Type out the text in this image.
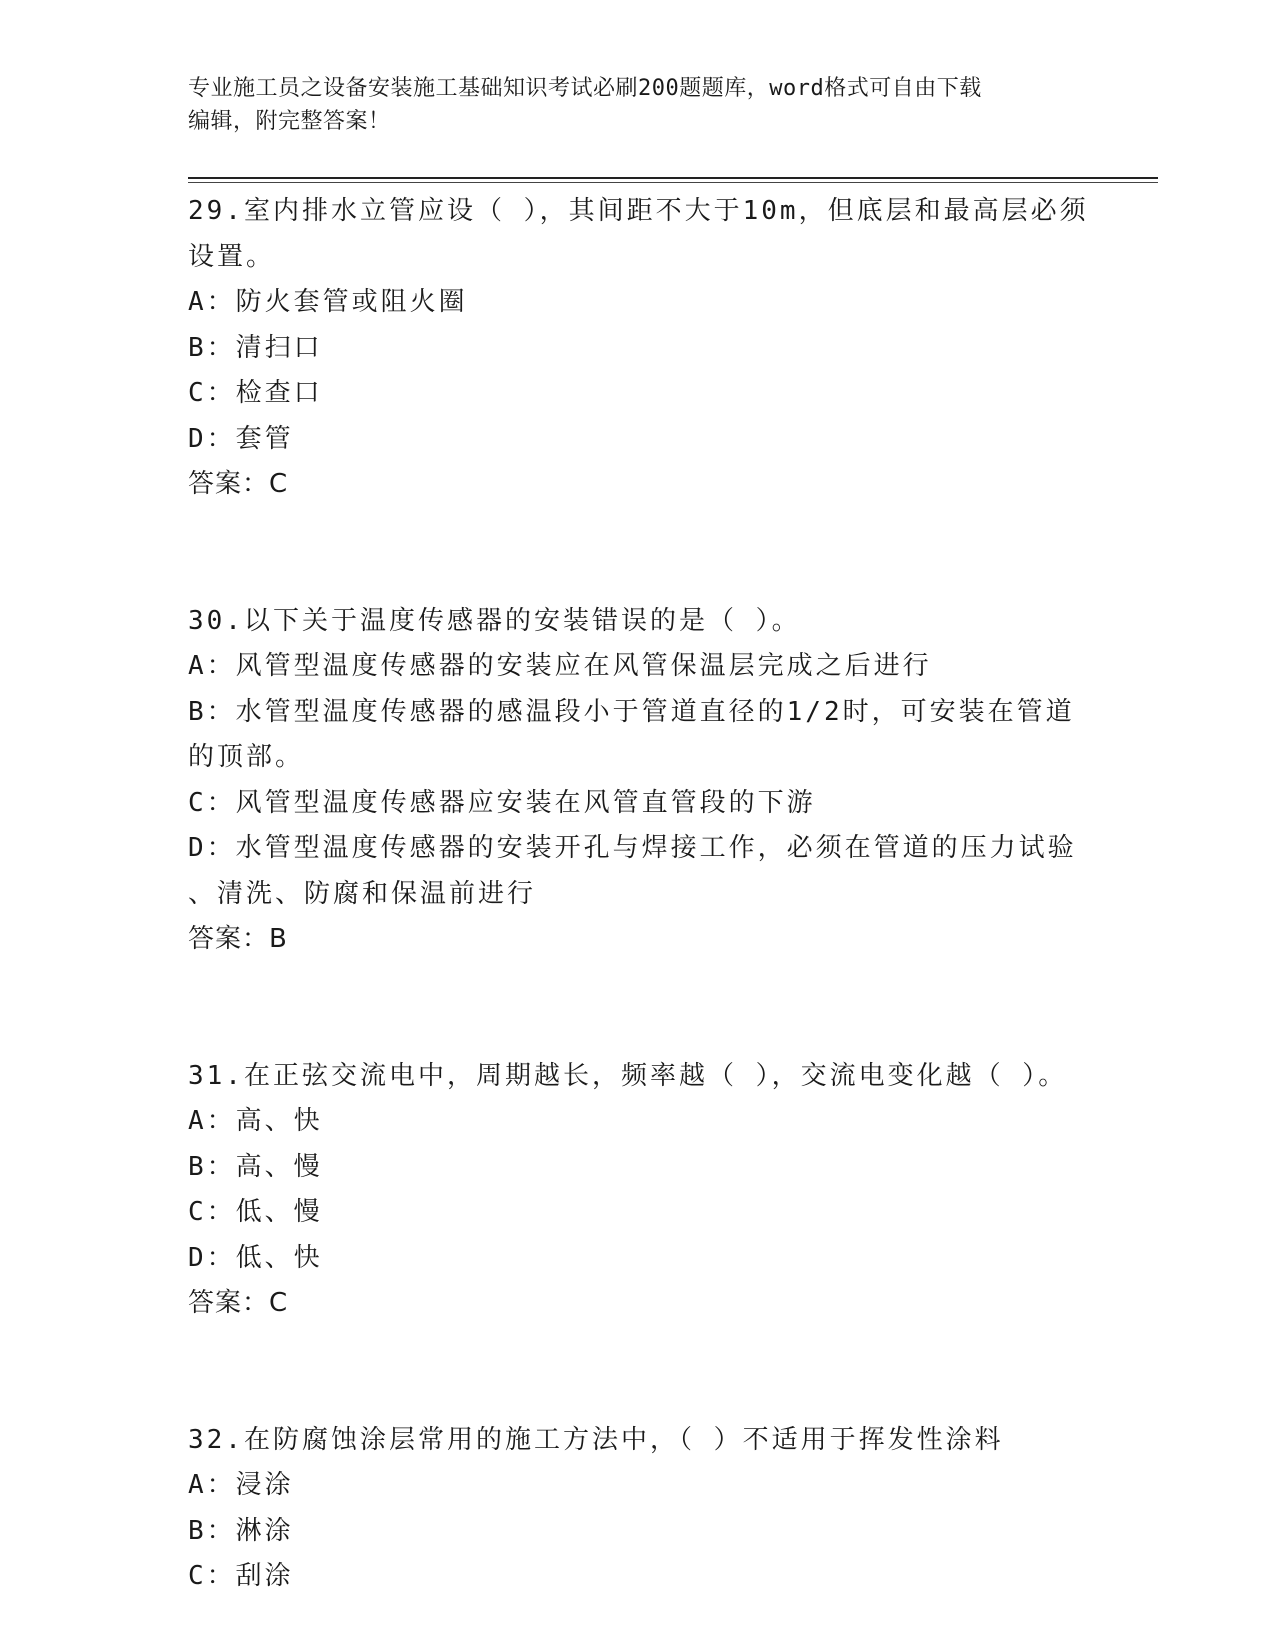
专业施工员之设备安装施工基础知识考试必刷200题题库，word格式可自由下载
编辑，附完整答案！
29.室内排水立管应设（ ），其间距不大于10m，但底层和最高层必须
设置。
A：防火套管或阻火圈
B：清扫口
C：检查口
D：套管
答案：C
30.以下关于温度传感器的安装错误的是（ ）。
A：风管型温度传感器的安装应在风管保温层完成之后进行
B：水管型温度传感器的感温段小于管道直径的1/2时，可安装在管道
的顶部。
C：风管型温度传感器应安装在风管直管段的下游
D：水管型温度传感器的安装开孔与焊接工作，必须在管道的压力试验
、清洗、防腐和保温前进行
答案：B
31.在正弦交流电中，周期越长，频率越（ ），交流电变化越（ ）。
A：高、快
B：高、慢
C：低、慢
D：低、快
答案：C
32.在防腐蚀涂层常用的施工方法中，（ ）不适用于挥发性涂料
A：浸涂
B：淋涂
C：刮涂
